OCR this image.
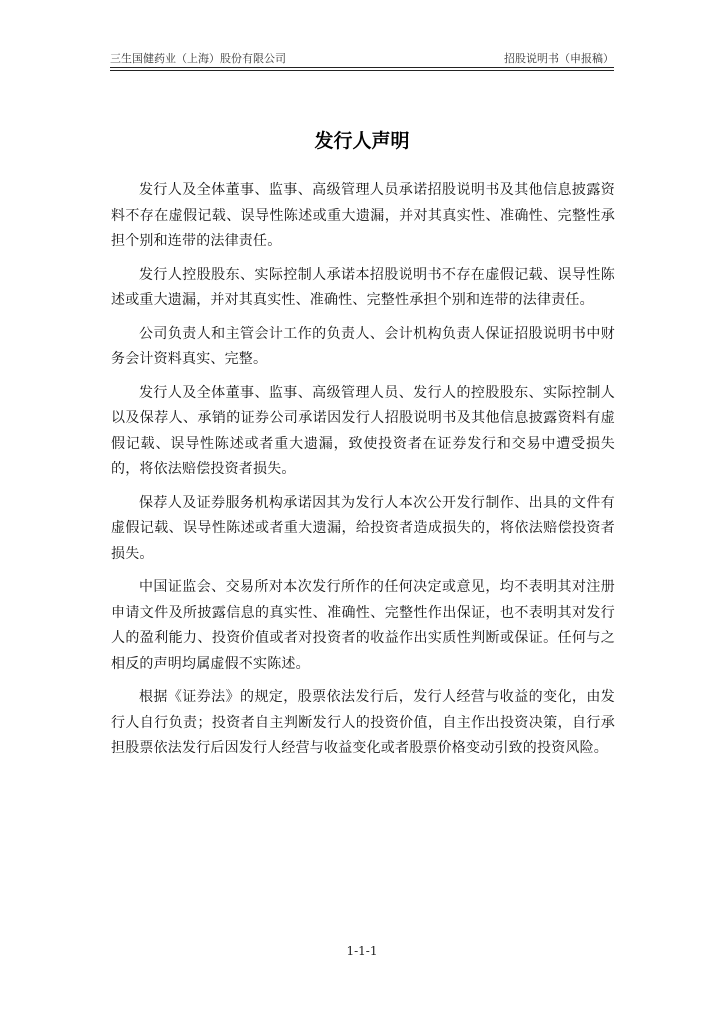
三生国健药业（上海）股份有限公司	招股说明书（申报稿）
发行人声明

发行人及全体董事、监事、高级管理人员承诺招股说明书及其他信息披露资料不存在虚假记载、误导性陈述或重大遗漏，并对其真实性、准确性、完整性承担个别和连带的法律责任。

发行人控股股东、实际控制人承诺本招股说明书不存在虚假记载、误导性陈述或重大遗漏，并对其真实性、准确性、完整性承担个别和连带的法律责任。

公司负责人和主管会计工作的负责人、会计机构负责人保证招股说明书中财务会计资料真实、完整。

发行人及全体董事、监事、高级管理人员、发行人的控股股东、实际控制人以及保荐人、承销的证券公司承诺因发行人招股说明书及其他信息披露资料有虚假记载、误导性陈述或者重大遗漏，致使投资者在证券发行和交易中遭受损失的，将依法赔偿投资者损失。

保荐人及证券服务机构承诺因其为发行人本次公开发行制作、出具的文件有虚假记载、误导性陈述或者重大遗漏，给投资者造成损失的，将依法赔偿投资者损失。

中国证监会、交易所对本次发行所作的任何决定或意见，均不表明其对注册申请文件及所披露信息的真实性、准确性、完整性作出保证，也不表明其对发行人的盈利能力、投资价值或者对投资者的收益作出实质性判断或保证。任何与之相反的声明均属虚假不实陈述。

根据《证券法》的规定，股票依法发行后，发行人经营与收益的变化，由发行人自行负责；投资者自主判断发行人的投资价值，自主作出投资决策，自行承担股票依法发行后因发行人经营与收益变化或者股票价格变动引致的投资风险。

1-1-1
